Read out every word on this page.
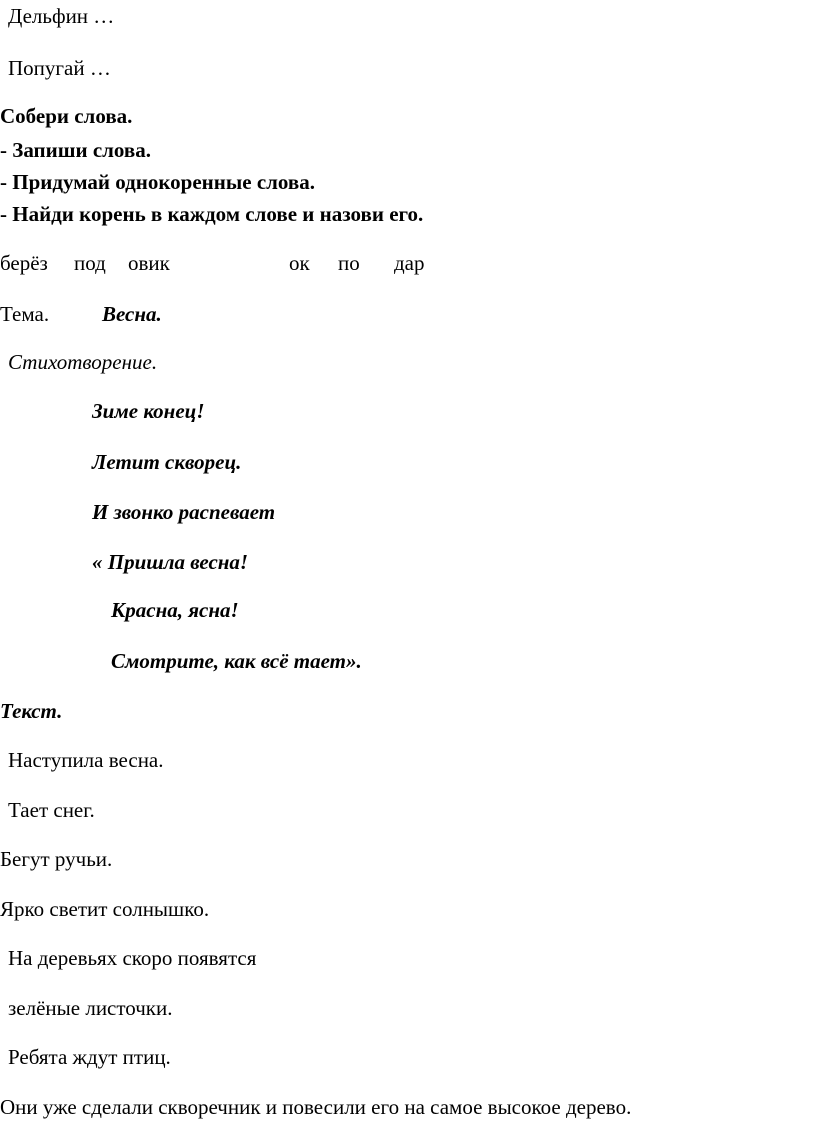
Дельфин …
Попугай …
Собери слова.
- Запиши слова.
- Придумай однокоренные слова.
- Найди корень в каждом слове и назови его.
берёз под овик	ок по дар
Тема.	Весна.
Стихотворение.
Зиме конец!
Летит скворец.
И звонко распевает
« Пришла весна!
Красна, ясна!
Смотрите, как всё тает».
Текст.
Наступила весна.
Тает снег.
Бегут ручьи.
Ярко светит солнышко.
На деревьях скоро появятся
зелёные листочки.
Ребята ждут птиц.
Они уже сделали скворечник и повесили его на самое высокое дерево.
